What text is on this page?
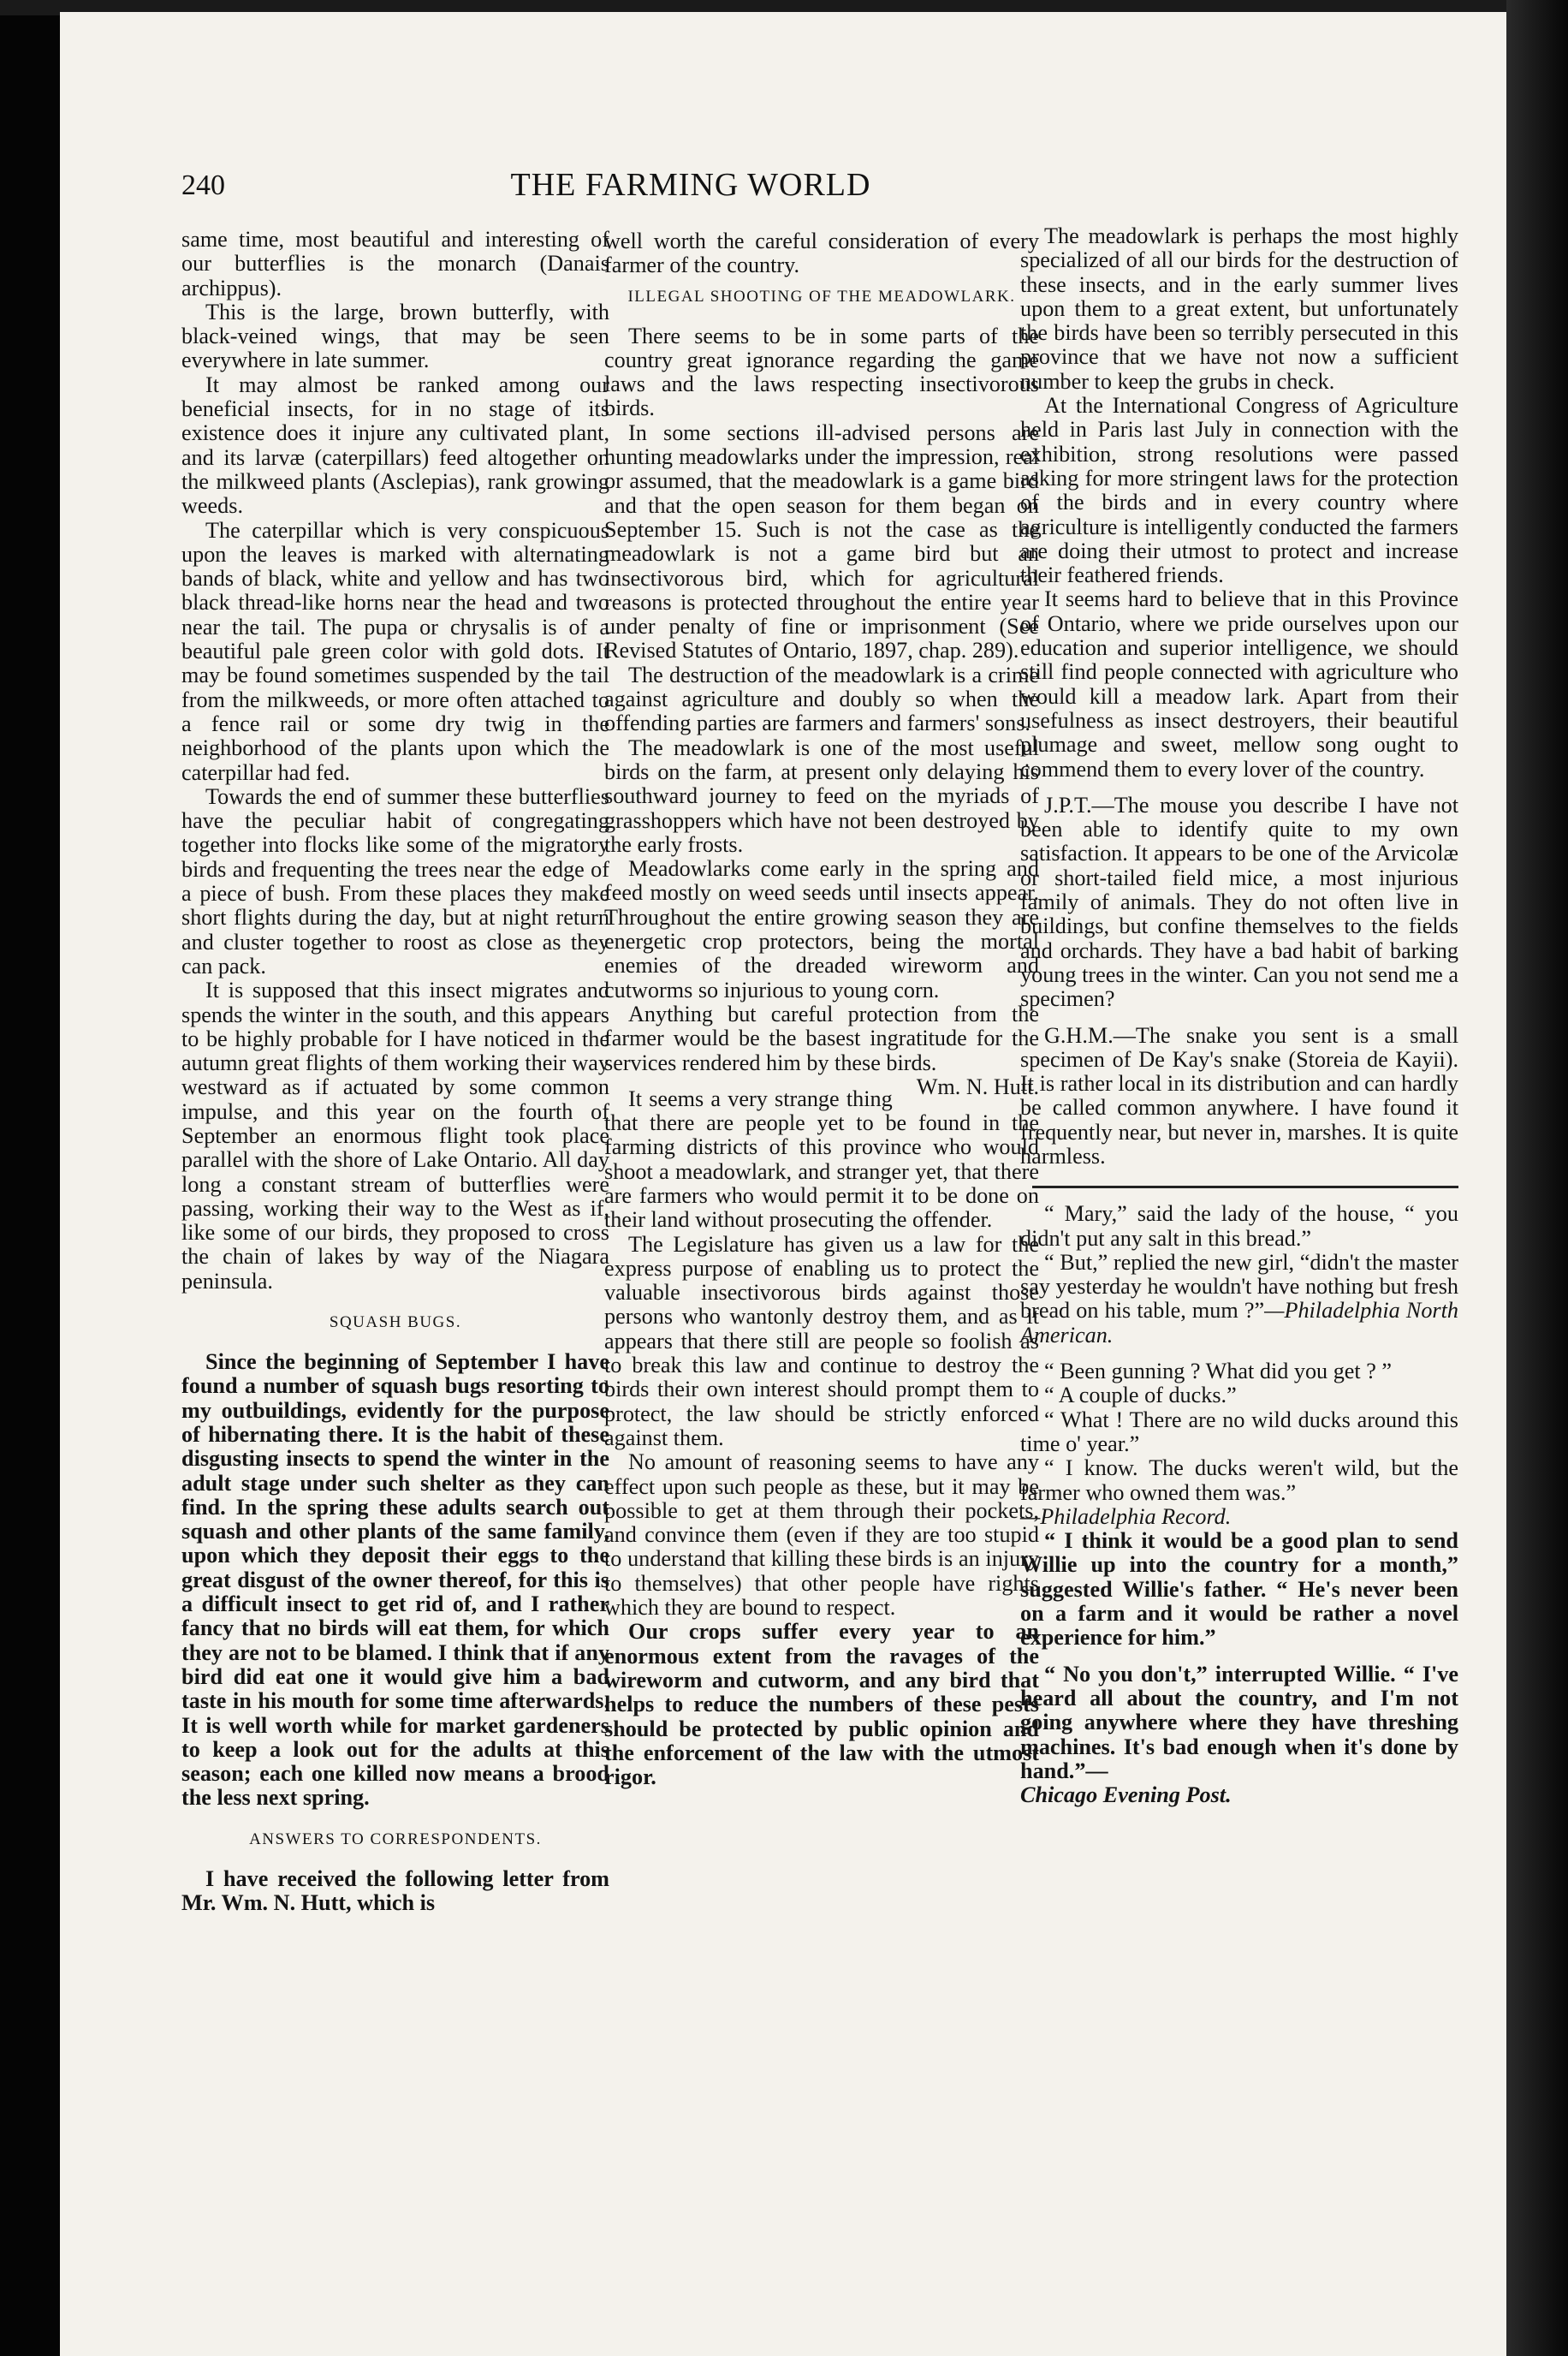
240	THE FARMING WORLD

same time, most beautiful and interesting of our butterflies is the monarch (Danais archippus).

This is the large, brown butterfly, with black-veined wings, that may be seen everywhere in late summer.

It may almost be ranked among our beneficial insects, for in no stage of its existence does it injure any cultivated plant, and its larvæ (caterpillars) feed altogether on the milkweed plants (Asclepias), rank growing weeds.

The caterpillar which is very conspicuous upon the leaves is marked with alternating bands of black, white and yellow and has two black thread-like horns near the head and two near the tail. The pupa or chrysalis is of a beautiful pale green color with gold dots. It may be found sometimes suspended by the tail from the milkweeds, or more often attached to a fence rail or some dry twig in the neighborhood of the plants upon which the caterpillar had fed.

Towards the end of summer these butterflies have the peculiar habit of congregating together into flocks like some of the migratory birds and frequenting the trees near the edge of a piece of bush. From these places they make short flights during the day, but at night return and cluster together to roost as close as they can pack.

It is supposed that this insect migrates and spends the winter in the south, and this appears to be highly probable for I have noticed in the autumn great flights of them working their way westward as if actuated by some common impulse, and this year on the fourth of September an enormous flight took place parallel with the shore of Lake Ontario. All day long a constant stream of butterflies were passing, working their way to the West as if, like some of our birds, they proposed to cross the chain of lakes by way of the Niagara peninsula.

SQUASH BUGS.

Since the beginning of September I have found a number of squash bugs resorting to my outbuildings, evidently for the purpose of hibernating there. It is the habit of these disgusting insects to spend the winter in the adult stage under such shelter as they can find. In the spring these adults search out squash and other plants of the same family, upon which they deposit their eggs to the great disgust of the owner thereof, for this is a difficult insect to get rid of, and I rather fancy that no birds will eat them, for which they are not to be blamed. I think that if any bird did eat one it would give him a bad taste in his mouth for some time afterwards. It is well worth while for market gardeners to keep a look out for the adults at this season; each one killed now means a brood the less next spring.

ANSWERS TO CORRESPONDENTS.

I have received the following letter from Mr. Wm. N. Hutt, which is

well worth the careful consideration of every farmer of the country.

ILLEGAL SHOOTING OF THE MEADOWLARK.

There seems to be in some parts of the country great ignorance regarding the game laws and the laws respecting insectivorous birds.

In some sections ill-advised persons are hunting meadowlarks under the impression, real or assumed, that the meadowlark is a game bird and that the open season for them began on September 15. Such is not the case as the meadowlark is not a game bird but an insectivorous bird, which for agricultural reasons is protected throughout the entire year under penalty of fine or imprisonment (See Revised Statutes of Ontario, 1897, chap. 289).

The destruction of the meadowlark is a crime against agriculture and doubly so when the offending parties are farmers and farmers' sons.

The meadowlark is one of the most useful birds on the farm, at present only delaying his southward journey to feed on the myriads of grasshoppers which have not been destroyed by the early frosts.

Meadowlarks come early in the spring and feed mostly on weed seeds until insects appear. Throughout the entire growing season they are energetic crop protectors, being the mortal enemies of the dreaded wireworm and cutworms so injurious to young corn.

Anything but careful protection from the farmer would be the basest ingratitude for the services rendered him by these birds.
Wm. N. Hutt.

It seems a very strange thing that there are people yet to be found in the farming districts of this province who would shoot a meadowlark, and stranger yet, that there are farmers who would permit it to be done on their land without prosecuting the offender.

The Legislature has given us a law for the express purpose of enabling us to protect the valuable insectivorous birds against those persons who wantonly destroy them, and as it appears that there still are people so foolish as to break this law and continue to destroy the birds their own interest should prompt them to protect, the law should be strictly enforced against them.

No amount of reasoning seems to have any effect upon such people as these, but it may be possible to get at them through their pockets, and convince them (even if they are too stupid to understand that killing these birds is an injury to themselves) that other people have rights which they are bound to respect.

Our crops suffer every year to an enormous extent from the ravages of the wireworm and cutworm, and any bird that helps to reduce the numbers of these pests should be protected by public opinion and the enforcement of the law with the utmost rigor.

The meadowlark is perhaps the most highly specialized of all our birds for the destruction of these insects, and in the early summer lives upon them to a great extent, but unfortunately the birds have been so terribly persecuted in this province that we have not now a sufficient number to keep the grubs in check.

At the International Congress of Agriculture held in Paris last July in connection with the exhibition, strong resolutions were passed asking for more stringent laws for the protection of the birds and in every country where agriculture is intelligently conducted the farmers are doing their utmost to protect and increase their feathered friends.

It seems hard to believe that in this Province of Ontario, where we pride ourselves upon our education and superior intelligence, we should still find people connected with agriculture who would kill a meadow lark. Apart from their usefulness as insect destroyers, their beautiful plumage and sweet, mellow song ought to commend them to every lover of the country.

J.P.T.—The mouse you describe I have not been able to identify quite to my own satisfaction. It appears to be one of the Arvicolæ or short-tailed field mice, a most injurious family of animals. They do not often live in buildings, but confine themselves to the fields and orchards. They have a bad habit of barking young trees in the winter. Can you not send me a specimen?

G.H.M.—The snake you sent is a small specimen of De Kay's snake (Storeia de Kayii). It is rather local in its distribution and can hardly be called common anywhere. I have found it frequently near, but never in, marshes. It is quite harmless.

“ Mary,” said the lady of the house, “ you didn't put any salt in this bread.”

“ But,” replied the new girl, “didn't the master say yesterday he wouldn't have nothing but fresh bread on his table, mum ?”—Philadelphia North American.

“ Been gunning ? What did you get ? ”

“ A couple of ducks.”

“ What ! There are no wild ducks around this time o' year.”

“ I know. The ducks weren't wild, but the farmer who owned them was.”

—Philadelphia Record.

“ I think it would be a good plan to send Willie up into the country for a month,” suggested Willie's father. “ He's never been on a farm and it would be rather a novel experience for him.”

“ No you don't,” interrupted Willie. “ I've heard all about the country, and I'm not going anywhere where they have threshing machines. It's bad enough when it's done by hand.”—

Chicago Evening Post.
